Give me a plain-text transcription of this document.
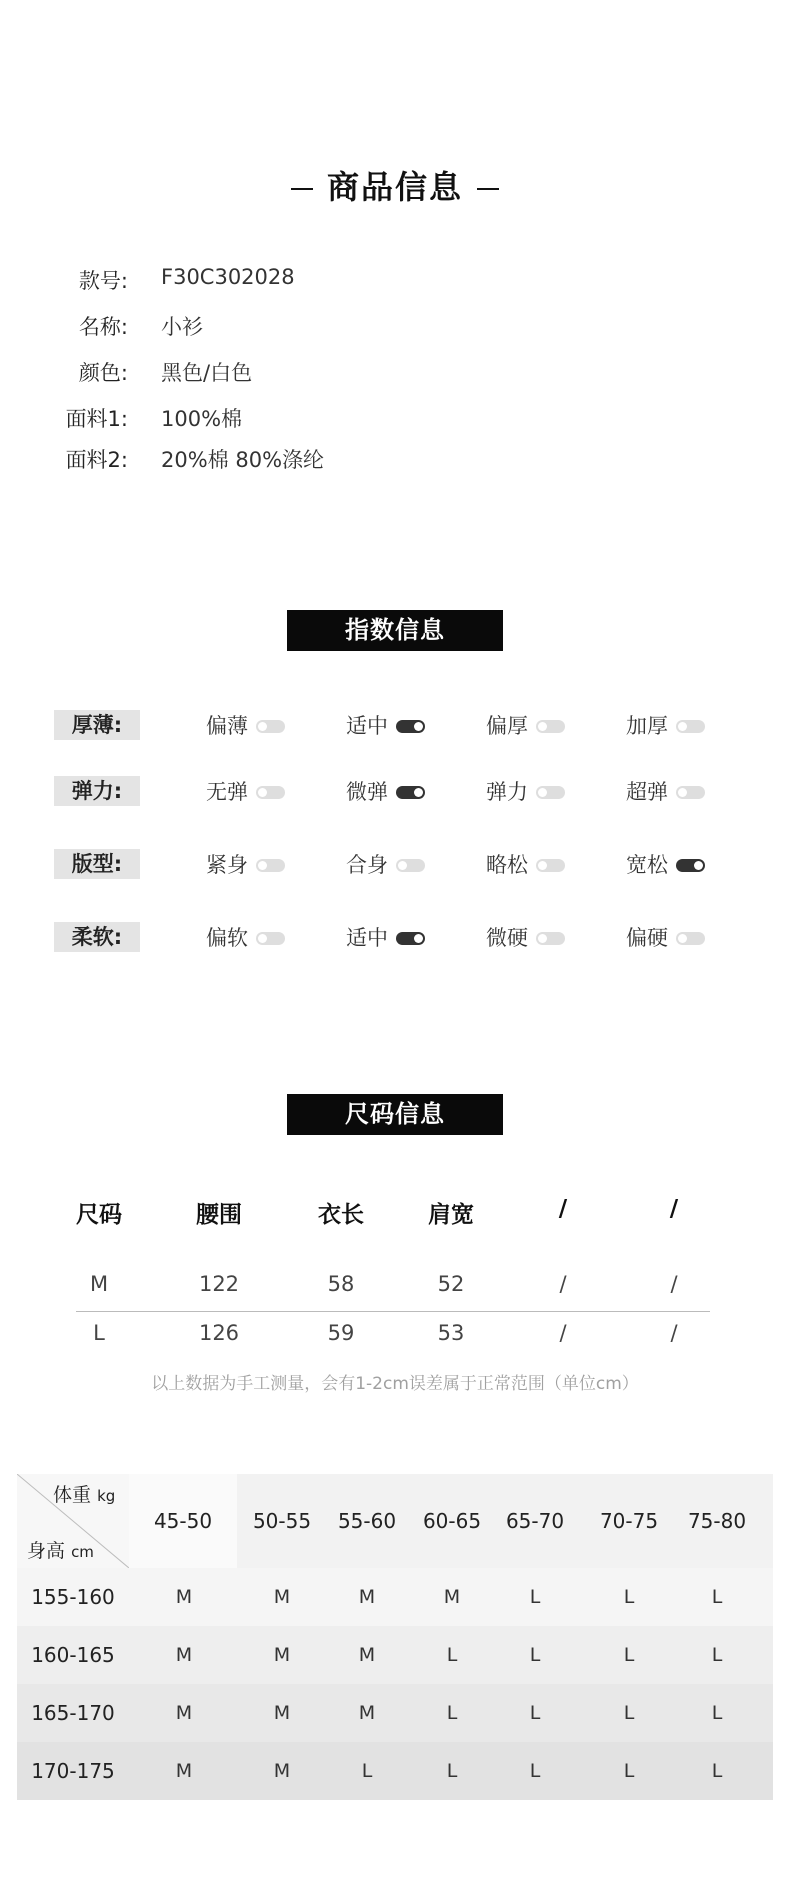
商品信息
款号: F30C302028
名称: 小衫
颜色: 黑色/白色
面料1: 100%棉
面料2: 20%棉 80%涤纶
指数信息
厚薄:	偏薄	适中	偏厚	加厚
弹力:	无弹	微弹	弹力	超弹
版型:	紧身	合身	略松	宽松
柔软:	偏软	适中	微硬	偏硬
尺码信息
尺码	腰围	衣长	肩宽	/	/
M	122	58	52	/	/
L	126	59	53	/	/
以上数据为手工测量，会有1-2cm误差属于正常范围（单位cm）
体重 kg
身高 cm
45-50	50-55	55-60	60-65	65-70	70-75	75-80
155-160	M	M	M	M	L	L	L
160-165	M	M	M	L	L	L	L
165-170	M	M	M	L	L	L	L
170-175	M	M	L	L	L	L	L
